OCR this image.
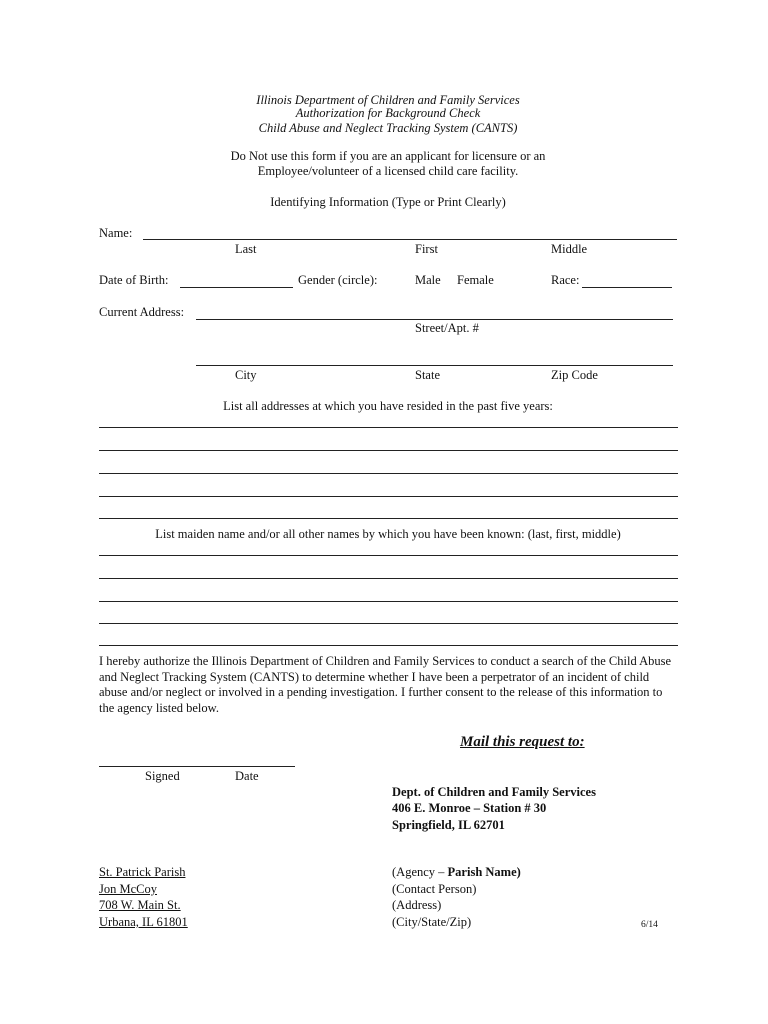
Illinois Department of Children and Family Services
Authorization for Background Check
Child Abuse and Neglect Tracking System (CANTS)
Do Not use this form if you are an applicant for licensure or an
Employee/volunteer of a licensed child care facility.
Identifying Information (Type or Print Clearly)
Name:
Last	First	Middle
Date of Birth:	Gender (circle):	Male Female	Race:
Current Address:
Street/Apt. #
City	State	Zip Code
List all addresses at which you have resided in the past five years:
List maiden name and/or all other names by which you have been known: (last, first, middle)
I hereby authorize the Illinois Department of Children and Family Services to conduct a search of the Child Abuse and Neglect Tracking System (CANTS) to determine whether I have been a perpetrator of an incident of child abuse and/or neglect or involved in a pending investigation. I further consent to the release of this information to the agency listed below.
Mail this request to:
Signed	Date
Dept. of Children and Family Services
406 E. Monroe – Station # 30
Springfield, IL 62701
St. Patrick Parish
Jon McCoy
708 W. Main St.
Urbana, IL 61801
(Agency – Parish Name)
(Contact Person)
(Address)
(City/State/Zip)	6/14
